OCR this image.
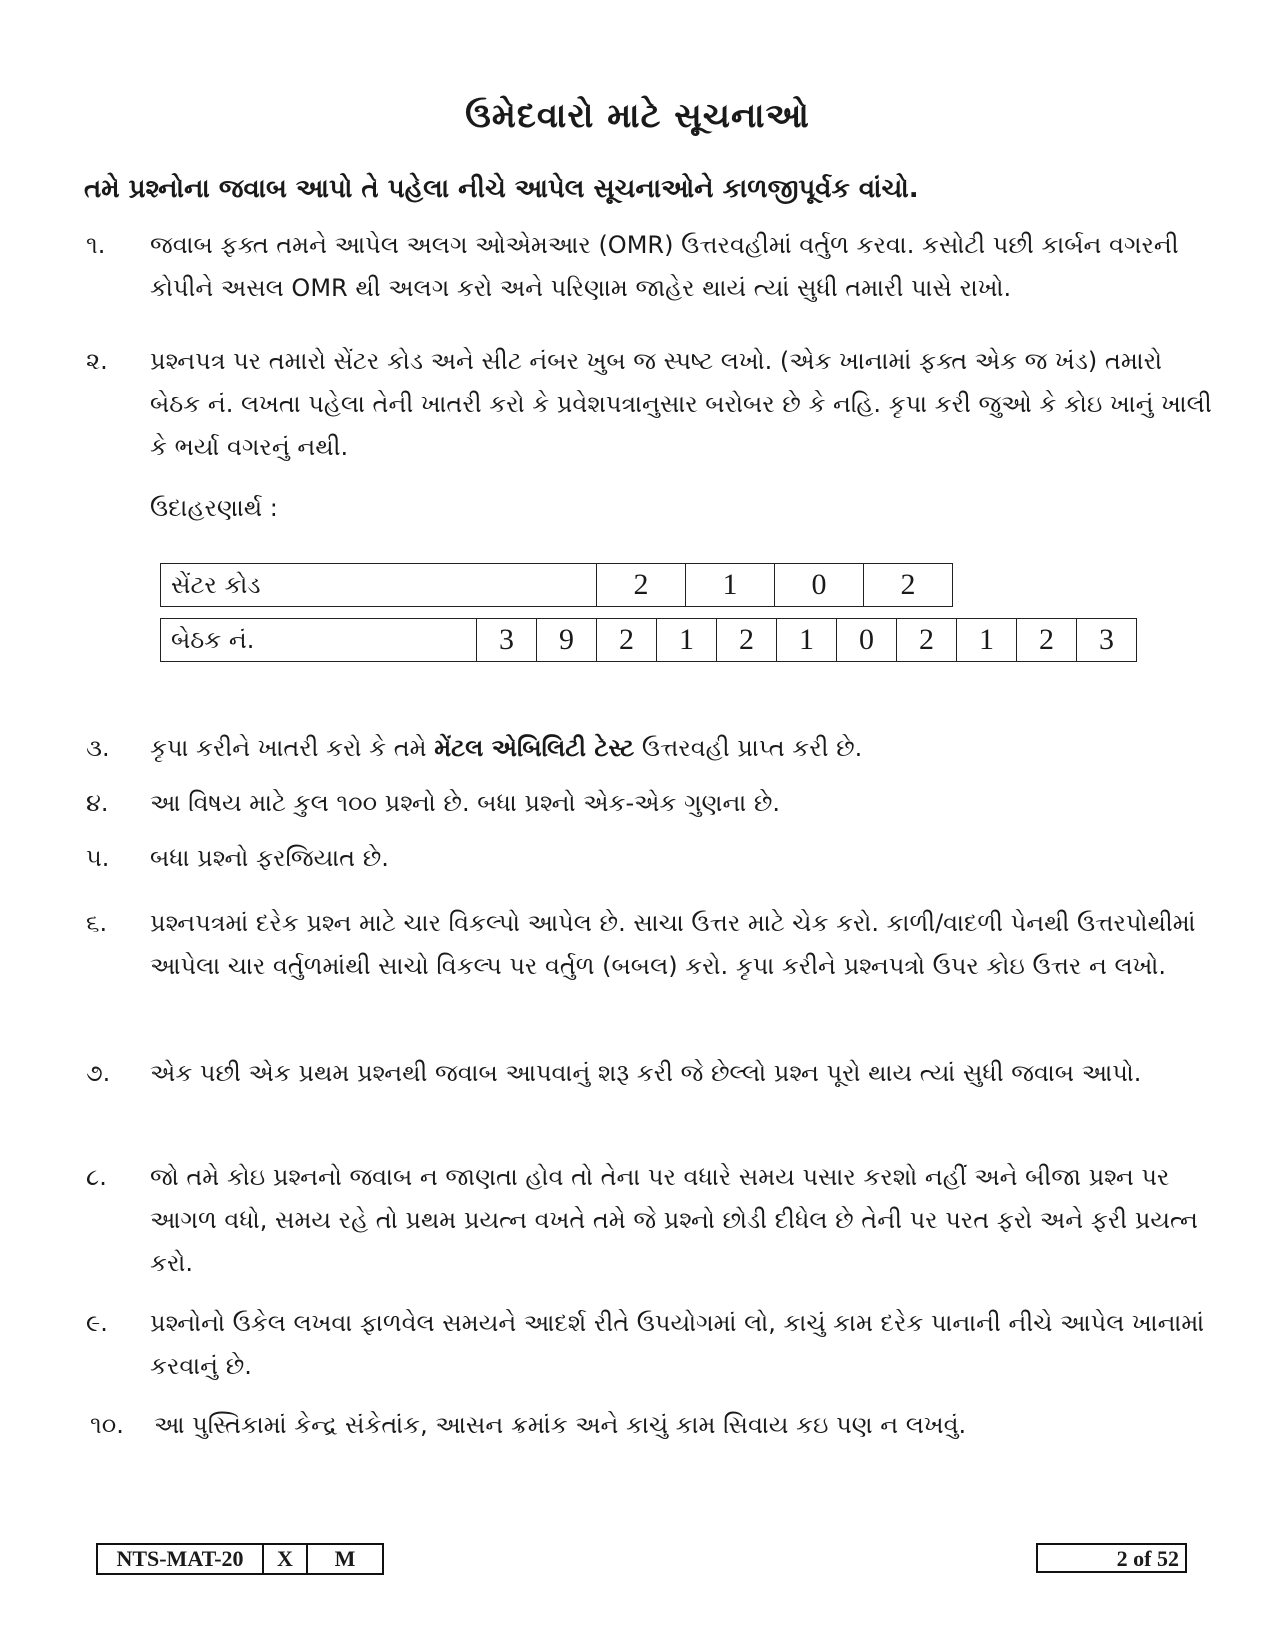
ઉમેદવારો માટે સૂચનાઓ
તમે પ્રશ્નોના જવાબ આપો તે પહેલા નીચે આપેલ સૂચનાઓને કાળજીપૂર્વક વાંચો.
૧.	જવાબ ફક્ત તમને આપેલ અલગ ઓએમઆર (OMR) ઉત્તરવહીમાં વર્તુળ કરવા. કસોટી પછી કાર્બન વગરની કોપીને અસલ OMR થી અલગ કરો અને પરિણામ જાહેર થાયં ત્યાં સુધી તમારી પાસે રાખો.
૨.	પ્રશ્નપત્ર પર તમારો સેંટર કોડ અને સીટ નંબર ખુબ જ સ્પષ્ટ લખો. (એક ખાનામાં ફક્ત એક જ ખંડ) તમારો બેઠક નં. લખતા પહેલા તેની ખાતરી કરો કે પ્રવેશપત્રાનુસાર બરોબર છે કે નહિ. કૃપા કરી જુઓ કે કોઇ ખાનું ખાલી કે ભર્યા વગરનું નથી.
ઉદાહરણાર્થ :
સેંટર કોડ	2	1	0	2
બેઠક નં.	3	9	2	1	2	1	0	2	1	2	3
૩.	કૃપા કરીને ખાતરી કરો કે તમે મેંટલ એબિલિટી ટેસ્ટ ઉત્તરવહી પ્રાપ્ત કરી છે.
૪.	આ વિષય માટે કુલ ૧૦૦ પ્રશ્નો છે. બધા પ્રશ્નો એક-એક ગુણના છે.
૫.	બધા પ્રશ્નો ફરજિયાત છે.
૬.	પ્રશ્નપત્રમાં દરેક પ્રશ્ન માટે ચાર વિકલ્પો આપેલ છે. સાચા ઉત્તર માટે ચેક કરો. કાળી/વાદળી પેનથી ઉત્તરપોથીમાં આપેલા ચાર વર્તુળમાંથી સાચો વિકલ્પ પર વર્તુળ (બબલ) કરો. કૃપા કરીને પ્રશ્નપત્રો ઉપર કોઇ ઉત્તર ન લખો.
૭.	એક પછી એક પ્રથમ પ્રશ્નથી જવાબ આપવાનું શરૂ કરી જે છેલ્લો પ્રશ્ન પૂરો થાય ત્યાં સુધી જવાબ આપો.
૮.	જો તમે કોઇ પ્રશ્નનો જવાબ ન જાણતા હોવ તો તેના પર વધારે સમય પસાર કરશો નહીં અને બીજા પ્રશ્ન પર આગળ વધો, સમય રહે તો પ્રથમ પ્રયત્ન વખતે તમે જે પ્રશ્નો છોડી દીધેલ છે તેની પર પરત ફરો અને ફરી પ્રયત્ન કરો.
૯.	પ્રશ્નોનો ઉકેલ લખવા ફાળવેલ સમયને આદર્શ રીતે ઉપયોગમાં લો, કાચું કામ દરેક પાનાની નીચે આપેલ ખાનામાં કરવાનું છે.
૧૦.	આ પુસ્તિકામાં કેન્દ્ર સંકેતાંક, આસન ક્રમાંક અને કાચું કામ સિવાય કઇ પણ ન લખવું.
NTS-MAT-20	X	M	2 of 52
